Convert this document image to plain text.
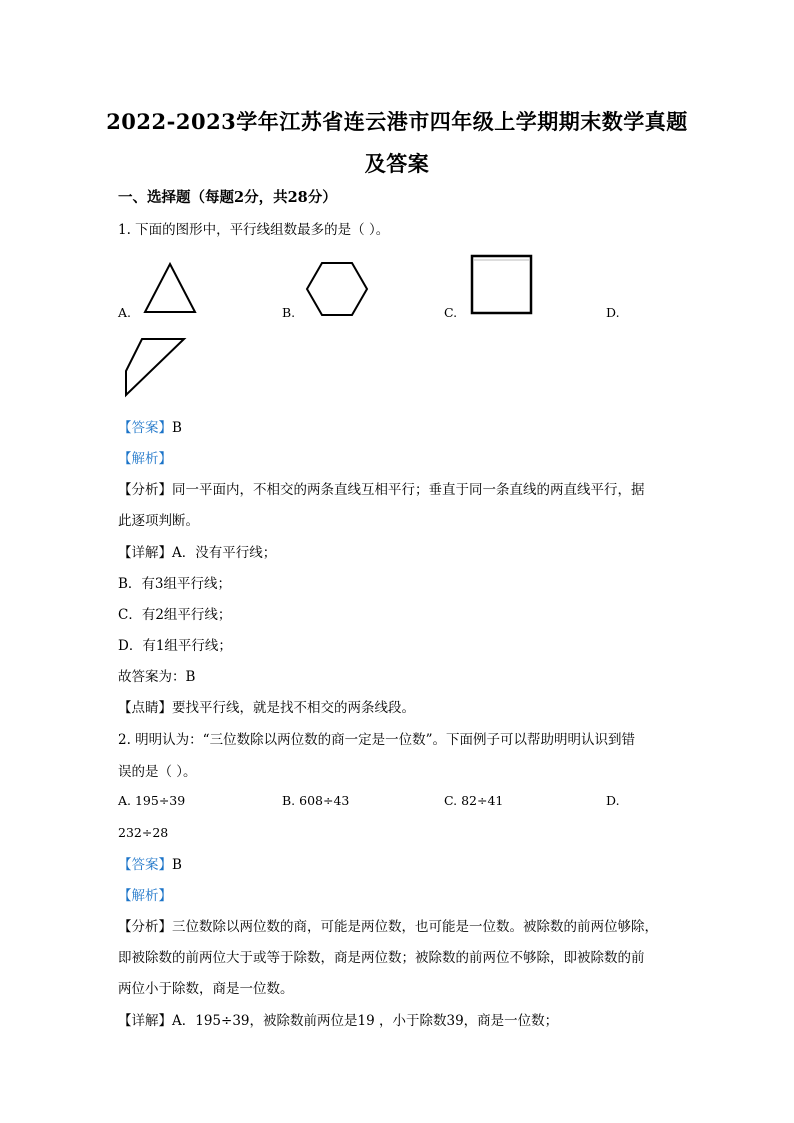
2022-2023学年江苏省连云港市四年级上学期期末数学真题
及答案
一、选择题（每题2分，共28分）
1. 下面的图形中，平行线组数最多的是（ ）。
A.	B.	C.	D.
【答案】B
【解析】
【分析】同一平面内，不相交的两条直线互相平行；垂直于同一条直线的两直线平行，据
此逐项判断。
【详解】A．没有平行线；
B．有3组平行线；
C．有2组平行线；
D．有1组平行线；
故答案为：B
【点睛】要找平行线，就是找不相交的两条线段。
2. 明明认为：“三位数除以两位数的商一定是一位数”。下面例子可以帮助明明认识到错
误的是（ ）。
A. 195÷39	B. 608÷43	C. 82÷41	D.
232÷28
【答案】B
【解析】
【分析】三位数除以两位数的商，可能是两位数，也可能是一位数。被除数的前两位够除，
即被除数的前两位大于或等于除数，商是两位数；被除数的前两位不够除，即被除数的前
两位小于除数，商是一位数。
【详解】A．195÷39，被除数前两位是19 ，小于除数39，商是一位数；
